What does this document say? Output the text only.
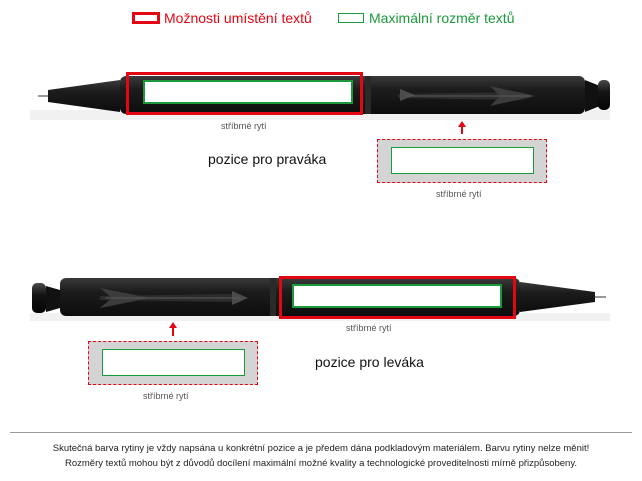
Možnosti umístění textů	Maximální rozměr textů
stříbrné rytí
pozice pro praváka
stříbrné rytí
stříbrné rytí
pozice pro leváka
stříbrné rytí
Skutečná barva rytiny je vždy napsána u konkrétní pozice a je předem dána podkladovým materiálem. Barvu rytiny nelze měnit!
Rozměry textů mohou být z důvodů docílení maximální možné kvality a technologické proveditelnosti mírně přizpůsobeny.
